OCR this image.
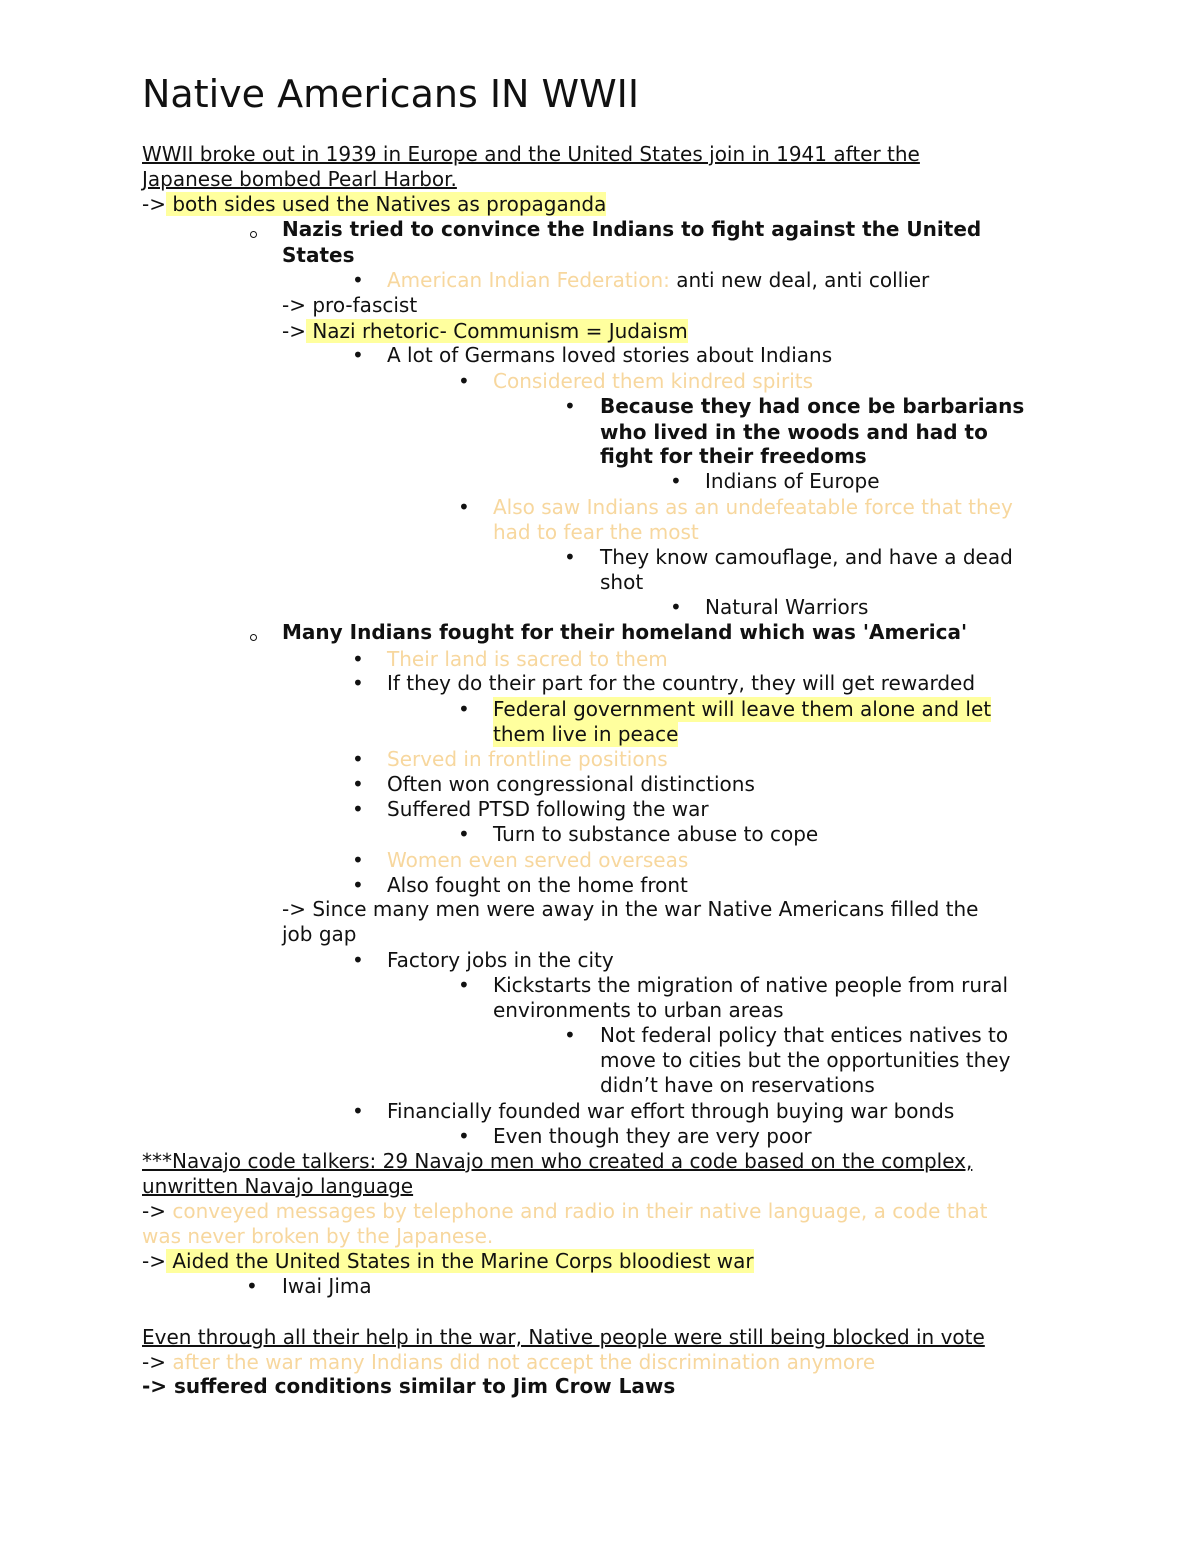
Native Americans IN WWII
WWII broke out in 1939 in Europe and the United States join in 1941 after the
Japanese bombed Pearl Harbor.
-> both sides used the Natives as propaganda
Nazis tried to convince the Indians to fight against the United
States
• American Indian Federation: anti new deal, anti collier
-> pro-fascist
-> Nazi rhetoric- Communism = Judaism
• A lot of Germans loved stories about Indians
• Considered them kindred spirits
• Because they had once be barbarians
who lived in the woods and had to
fight for their freedoms
• Indians of Europe
• Also saw Indians as an undefeatable force that they
had to fear the most
• They know camouflage, and have a dead
shot
• Natural Warriors
Many Indians fought for their homeland which was 'America'
• Their land is sacred to them
• If they do their part for the country, they will get rewarded
• Federal government will leave them alone and let
them live in peace
• Served in frontline positions
• Often won congressional distinctions
• Suffered PTSD following the war
• Turn to substance abuse to cope
• Women even served overseas
• Also fought on the home front
-> Since many men were away in the war Native Americans filled the
job gap
• Factory jobs in the city
• Kickstarts the migration of native people from rural
environments to urban areas
• Not federal policy that entices natives to
move to cities but the opportunities they
didn’t have on reservations
• Financially founded war effort through buying war bonds
• Even though they are very poor
***Navajo code talkers: 29 Navajo men who created a code based on the complex,
unwritten Navajo language
-> conveyed messages by telephone and radio in their native language, a code that
was never broken by the Japanese.
-> Aided the United States in the Marine Corps bloodiest war
• Iwai Jima
Even through all their help in the war, Native people were still being blocked in vote
-> after the war many Indians did not accept the discrimination anymore
-> suffered conditions similar to Jim Crow Laws
